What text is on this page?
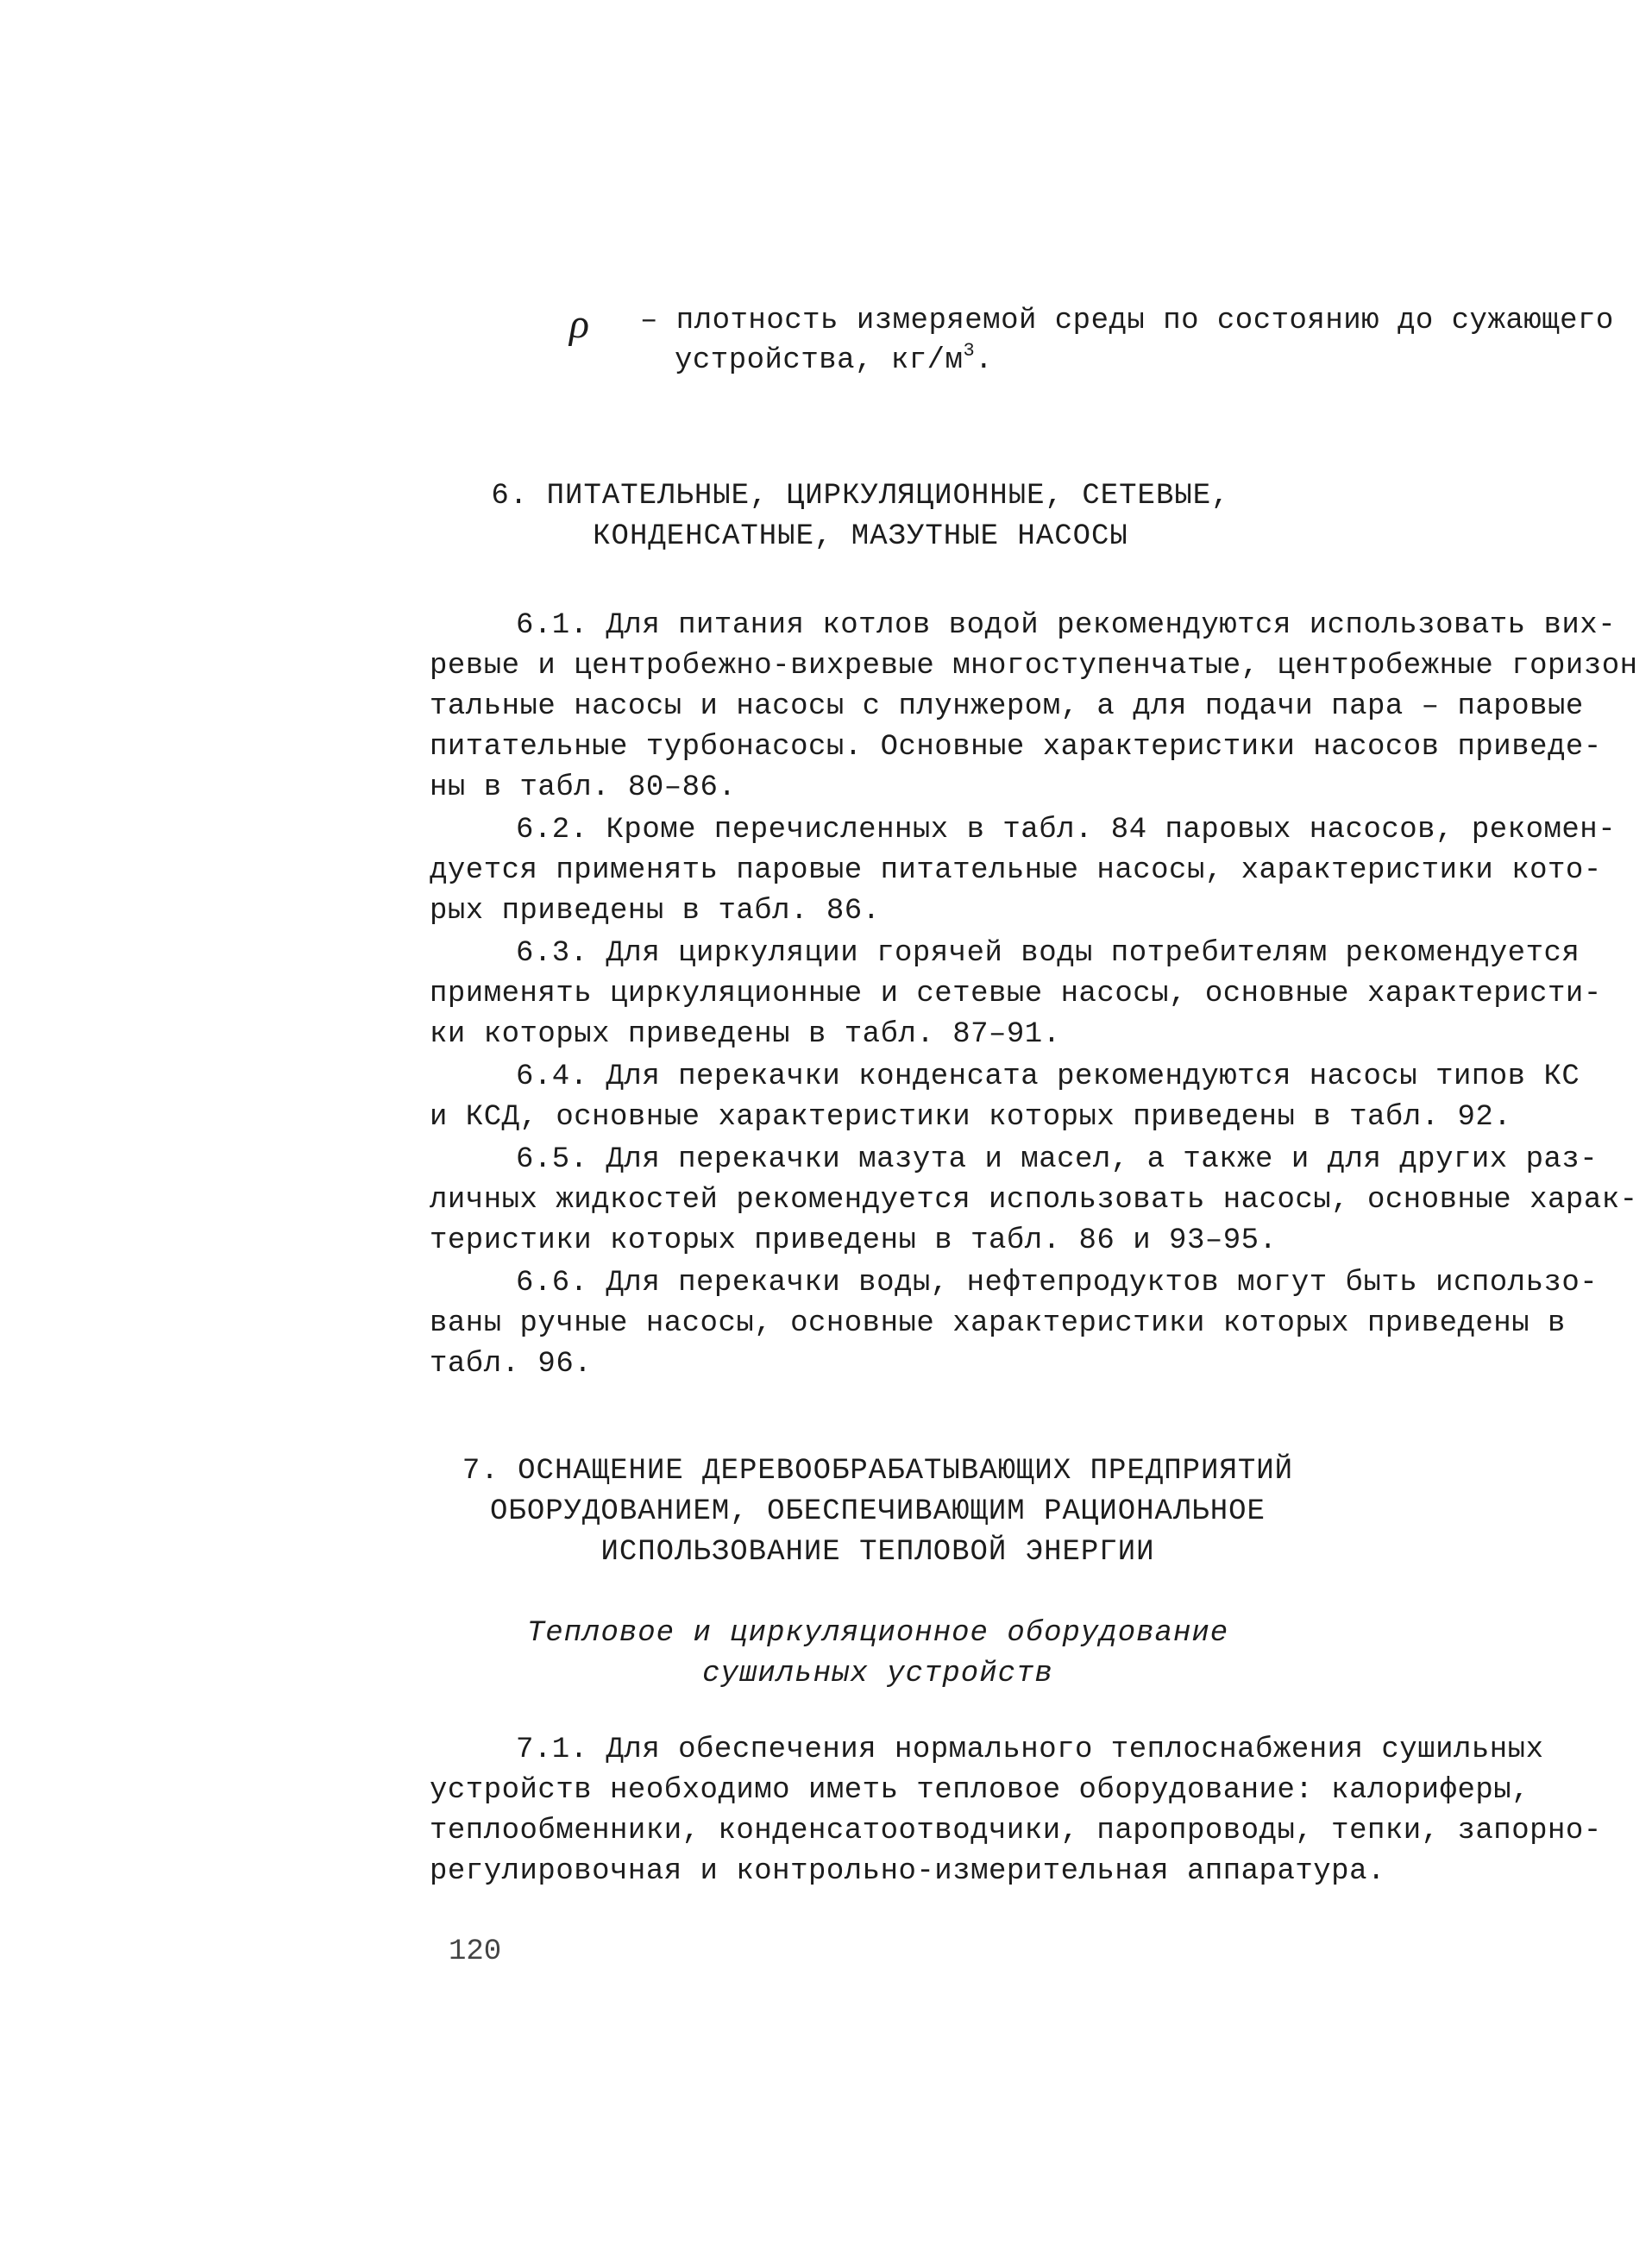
ρ – плотность измеряемой среды по состоянию до сужающего
устройства, $кг/м^3$.
6. ПИТАТЕЛЬНЫЕ, ЦИРКУЛЯЦИОННЫЕ, СЕТЕВЫЕ,
КОНДЕНСАТНЫЕ, МАЗУТНЫЕ НАСОСЫ
6.1. Для питания котлов водой рекомендуются использовать вих-
ревые и центробежно-вихревые многоступенчатые, центробежные горизон
тальные насосы и насосы с плунжером, а для подачи пара – паровые
питательные турбонасосы. Основные характеристики насосов приведе-
ны в табл. 80–86.
6.2. Кроме перечисленных в табл. 84 паровых насосов, рекомен-
дуется применять паровые питательные насосы, характеристики кото-
рых приведены в табл. 86.
6.3. Для циркуляции горячей воды потребителям рекомендуется
применять циркуляционные и сетевые насосы, основные характеристи-
ки которых приведены в табл. 87–91.
6.4. Для перекачки конденсата рекомендуются насосы типов КС
и КСД, основные характеристики которых приведены в табл. 92.
6.5. Для перекачки мазута и масел, а также и для других раз-
личных жидкостей рекомендуется использовать насосы, основные харак-
теристики которых приведены в табл. 86 и 93–95.
6.6. Для перекачки воды, нефтепродуктов могут быть использо-
ваны ручные насосы, основные характеристики которых приведены в
табл. 96.
7. ОСНАЩЕНИЕ ДЕРЕВООБРАБАТЫВАЮЩИХ ПРЕДПРИЯТИЙ
ОБОРУДОВАНИЕМ, ОБЕСПЕЧИВАЮЩИМ РАЦИОНАЛЬНОЕ
ИСПОЛЬЗОВАНИЕ ТЕПЛОВОЙ ЭНЕРГИИ
Тепловое и циркуляционное оборудование
сушильных устройств
7.1. Для обеспечения нормального теплоснабжения сушильных
устройств необходимо иметь тепловое оборудование: калориферы,
теплообменники, конденсатоотводчики, паропроводы, тепки, запорно-
регулировочная и контрольно-измерительная аппаратура.
120
